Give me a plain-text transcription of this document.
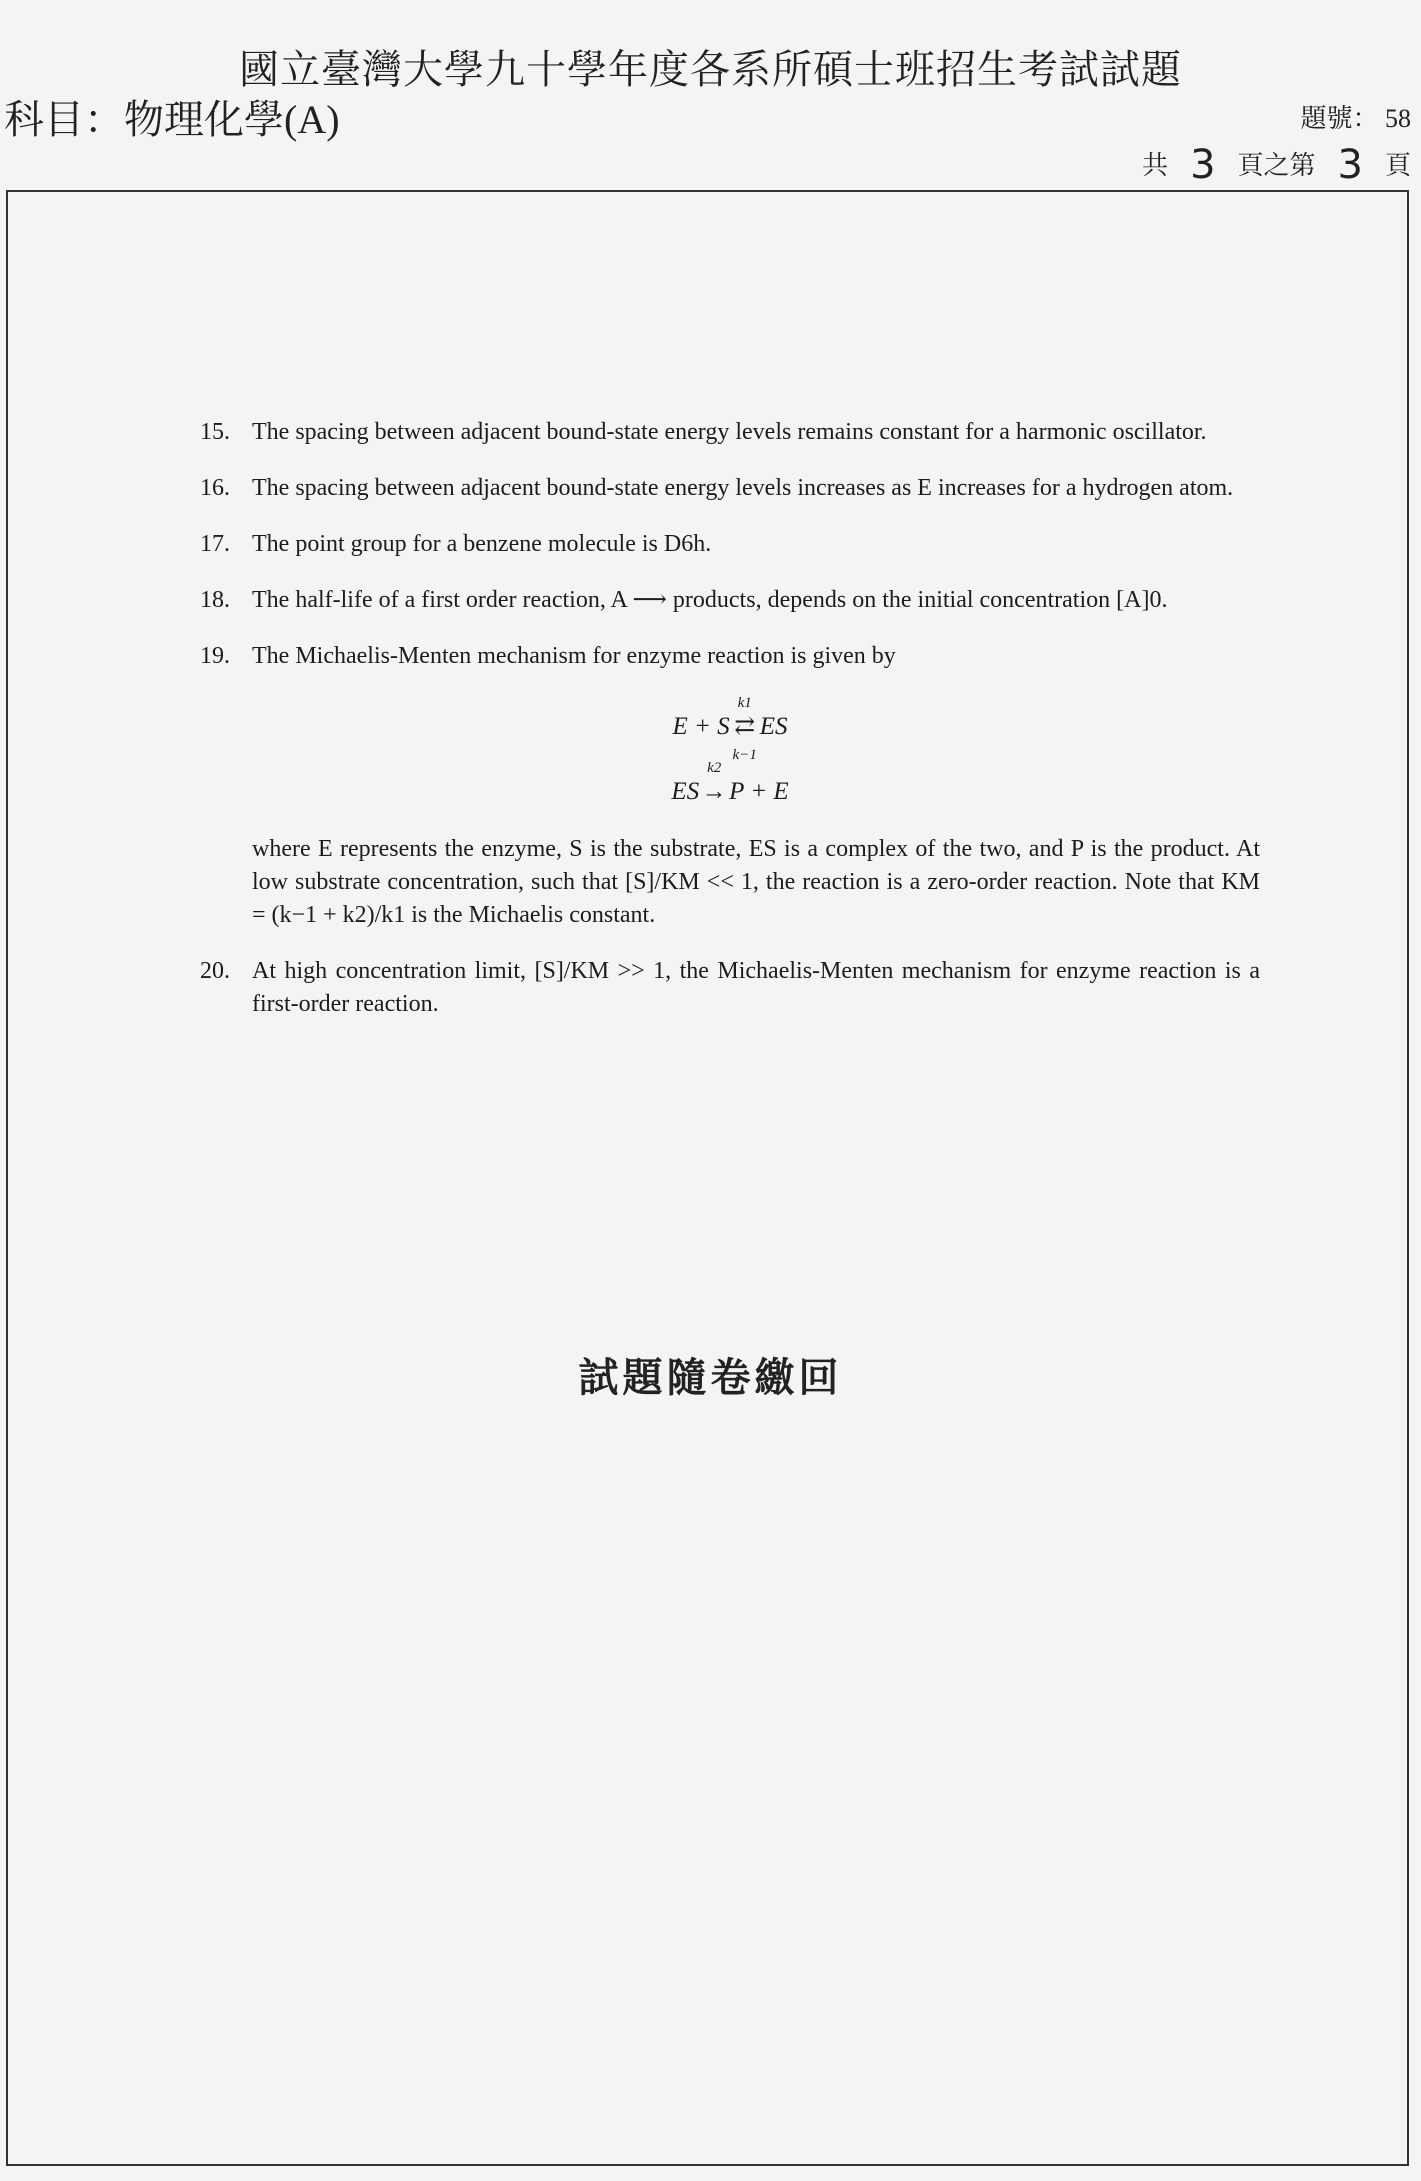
國立臺灣大學九十學年度各系所碩士班招生考試試題
科目：物理化學(A)	題號： 58
共 3 頁之第 3 頁
15. The spacing between adjacent bound-state energy levels remains constant for a harmonic oscillator.
16. The spacing between adjacent bound-state energy levels increases as E increases for a hydrogen atom.
17. The point group for a benzene molecule is D6h.
18. The half-life of a first order reaction, A ⟶ products, depends on the initial concentration [A]0.
19. The Michaelis-Menten mechanism for enzyme reaction is given by
E + S
k1
⇄
k−1
ES
ES
k2
→ P + E
where E represents the enzyme, S is the substrate, ES is a complex of the two, and P is the product. At low substrate concentration, such that [S]/KM << 1, the reaction is a zero-order reaction. Note that KM = (k−1 + k2)/k1 is the Michaelis constant.
20. At high concentration limit, [S]/KM >> 1, the Michaelis-Menten mechanism for enzyme reaction is a first-order reaction.
試題隨卷繳回
